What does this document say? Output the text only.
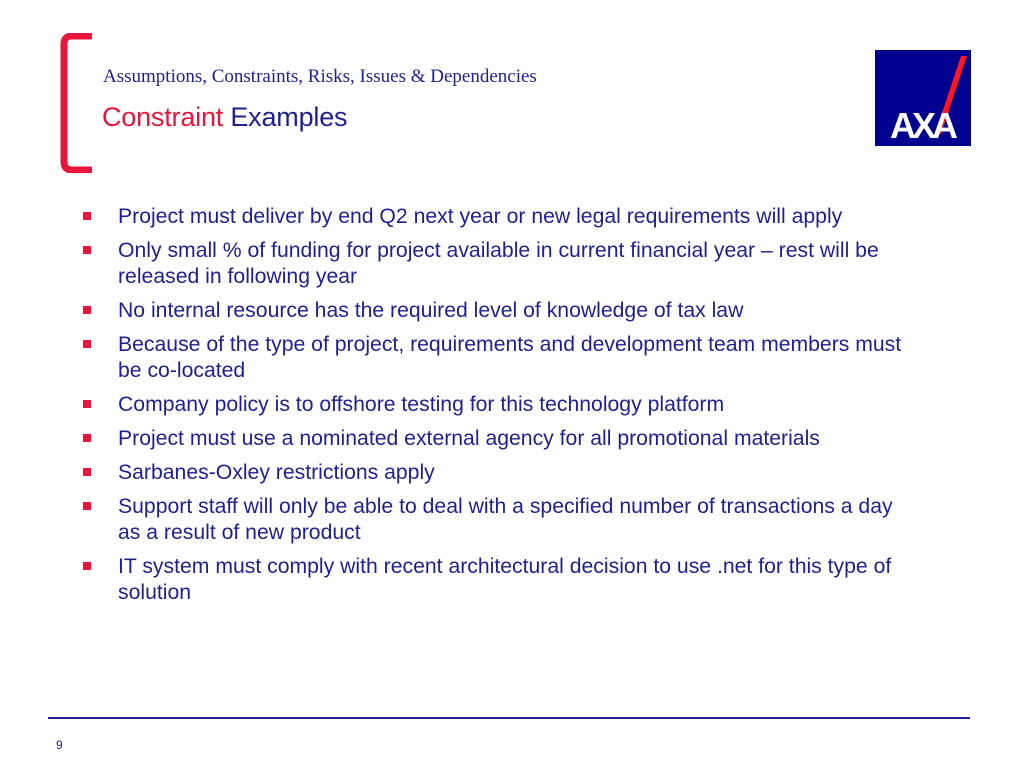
Assumptions, Constraints, Risks, Issues & Dependencies
Constraint Examples	AXA
Project must deliver by end Q2 next year or new legal requirements will apply
Only small % of funding for project available in current financial year – rest will be released in following year
No internal resource has the required level of knowledge of tax law
Because of the type of project, requirements and development team members must be co-located
Company policy is to offshore testing for this technology platform
Project must use a nominated external agency for all promotional materials
Sarbanes-Oxley restrictions apply
Support staff will only be able to deal with a specified number of transactions a day as a result of new product
IT system must comply with recent architectural decision to use .net for this type of solution
9
